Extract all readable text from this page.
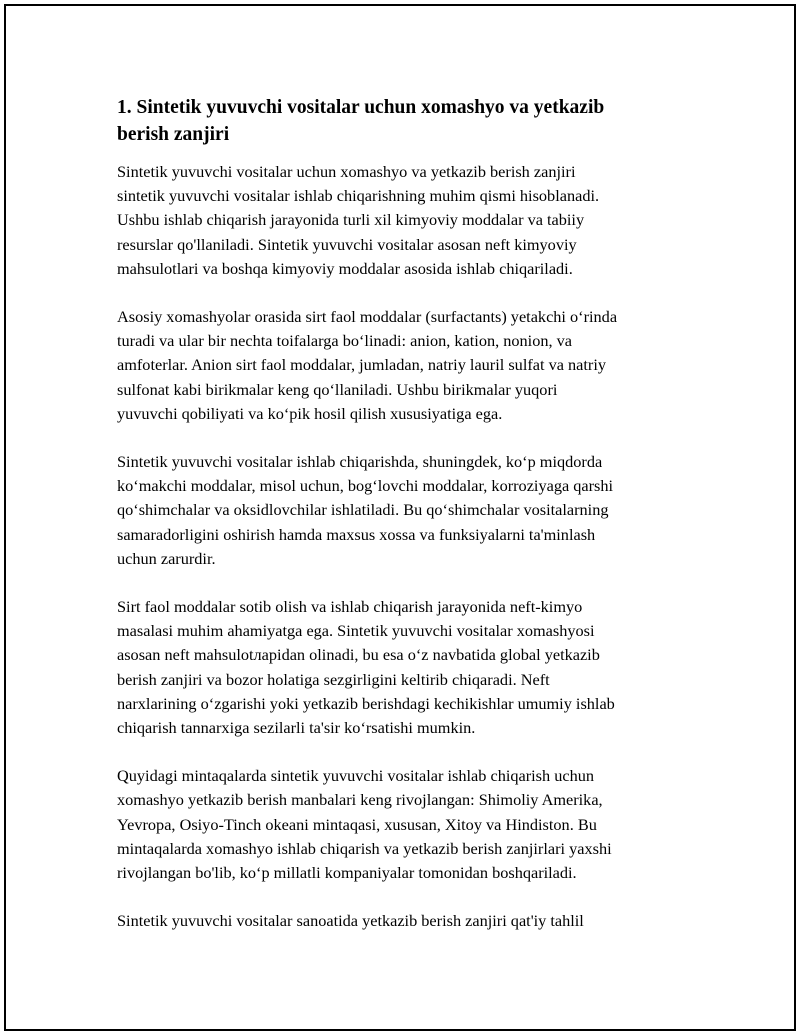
1. Sintetik yuvuvchi vositalar uchun xomashyo va yetkazib
berish zanjiri

Sintetik yuvuvchi vositalar uchun xomashyo va yetkazib berish zanjiri
sintetik yuvuvchi vositalar ishlab chiqarishning muhim qismi hisoblanadi.
Ushbu ishlab chiqarish jarayonida turli xil kimyoviy moddalar va tabiiy
resurslar qo'llaniladi. Sintetik yuvuvchi vositalar asosan neft kimyoviy
mahsulotlari va boshqa kimyoviy moddalar asosida ishlab chiqariladi.

Asosiy xomashyolar orasida sirt faol moddalar (surfactants) yetakchi o‘rinda
turadi va ular bir nechta toifalarga bo‘linadi: anion, kation, nonion, va
amfoterlar. Anion sirt faol moddalar, jumladan, natriy lauril sulfat va natriy
sulfonat kabi birikmalar keng qo‘llaniladi. Ushbu birikmalar yuqori
yuvuvchi qobiliyati va ko‘pik hosil qilish xususiyatiga ega.

Sintetik yuvuvchi vositalar ishlab chiqarishda, shuningdek, ko‘p miqdorda
ko‘makchi moddalar, misol uchun, bog‘lovchi moddalar, korroziyaga qarshi
qo‘shimchalar va oksidlovchilar ishlatiladi. Bu qo‘shimchalar vositalarning
samaradorligini oshirish hamda maxsus xossa va funksiyalarni ta'minlash
uchun zarurdir.

Sirt faol moddalar sotib olish va ishlab chiqarish jarayonida neft-kimyo
masalasi muhim ahamiyatga ega. Sintetik yuvuvchi vositalar xomashyosi
asosan neft mahsulotлаpidan olinadi, bu esa o‘z navbatida global yetkazib
berish zanjiri va bozor holatiga sezgirligini keltirib chiqaradi. Neft
narxlarining o‘zgarishi yoki yetkazib berishdagi kechikishlar umumiy ishlab
chiqarish tannarxiga sezilarli ta'sir ko‘rsatishi mumkin.

Quyidagi mintaqalarda sintetik yuvuvchi vositalar ishlab chiqarish uchun
xomashyo yetkazib berish manbalari keng rivojlangan: Shimoliy Amerika,
Yevropa, Osiyo-Tinch okeani mintaqasi, xususan, Xitoy va Hindiston. Bu
mintaqalarda xomashyo ishlab chiqarish va yetkazib berish zanjirlari yaxshi
rivojlangan bo'lib, ko‘p millatli kompaniyalar tomonidan boshqariladi.

Sintetik yuvuvchi vositalar sanoatida yetkazib berish zanjiri qat'iy tahlil
